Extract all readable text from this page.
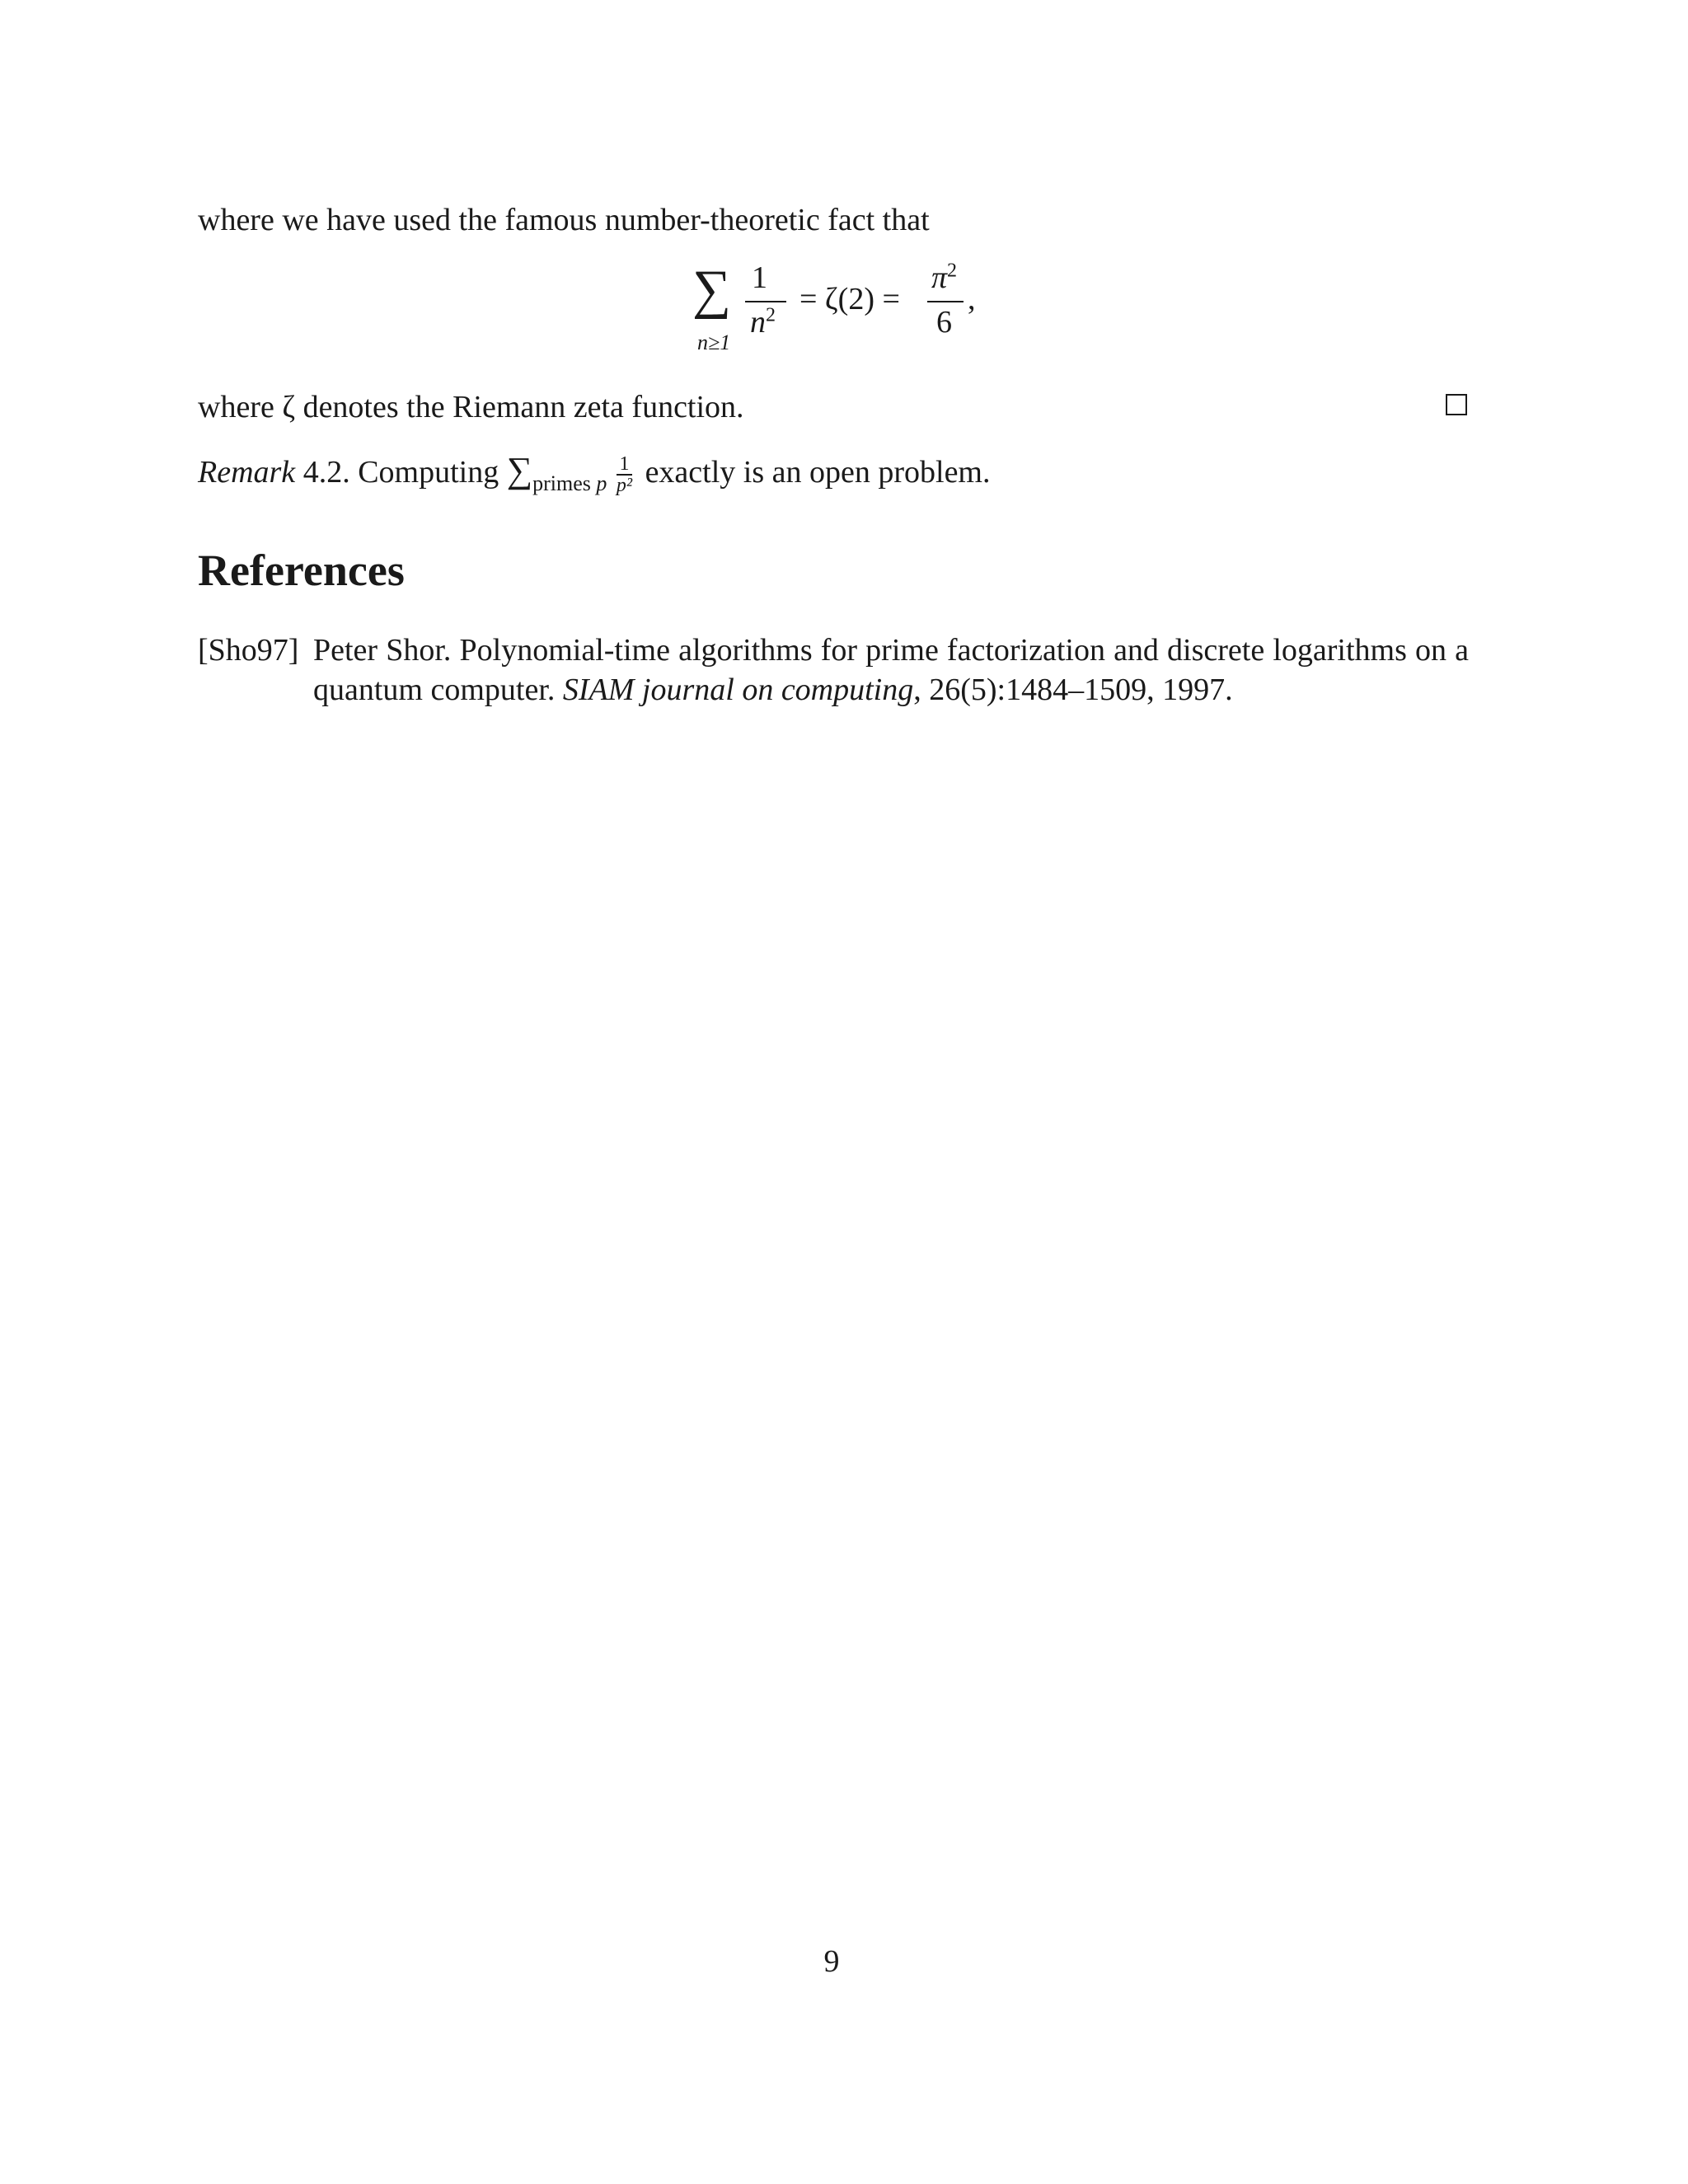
where we have used the famous number-theoretic fact that
∑
n≥1
1
$n^2 = \zeta(2)$ =
$\pi^2$
6
,
where ζ denotes the Riemann zeta function.
Remark 4.2. Computing $\sum_{primes p} \frac{1}{\text{p²}}$ exactly is an open problem.
References
[Sho97] Peter Shor. Polynomial-time algorithms for prime factorization and discrete logarithms on a quantum computer. SIAM journal on computing, 26(5):1484–1509, 1997.
9
